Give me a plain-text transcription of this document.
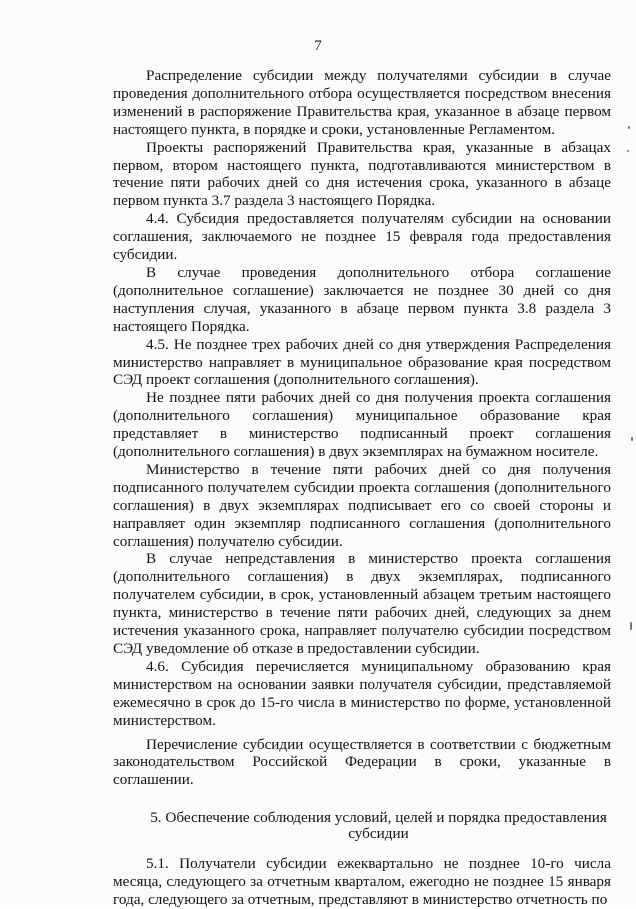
7

Распределение субсидии между получателями субсидии в случае проведения дополнительного отбора осуществляется посредством внесения изменений в распоряжение Правительства края, указанное в абзаце первом настоящего пункта, в порядке и сроки, установленные Регламентом.

Проекты распоряжений Правительства края, указанные в абзацах первом, втором настоящего пункта, подготавливаются министерством в течение пяти рабочих дней со дня истечения срока, указанного в абзаце первом пункта 3.7 раздела 3 настоящего Порядка.

4.4. Субсидия предоставляется получателям субсидии на основании соглашения, заключаемого не позднее 15 февраля года предоставления субсидии.

В случае проведения дополнительного отбора соглашение (дополнительное соглашение) заключается не позднее 30 дней со дня наступления случая, указанного в абзаце первом пункта 3.8 раздела 3 настоящего Порядка.

4.5. Не позднее трех рабочих дней со дня утверждения Распределения министерство направляет в муниципальное образование края посредством СЭД проект соглашения (дополнительного соглашения).

Не позднее пяти рабочих дней со дня получения проекта соглашения (дополнительного соглашения) муниципальное образование края представляет в министерство подписанный проект соглашения (дополнительного соглашения) в двух экземплярах на бумажном носителе.

Министерство в течение пяти рабочих дней со дня получения подписанного получателем субсидии проекта соглашения (дополнительного соглашения) в двух экземплярах подписывает его со своей стороны и направляет один экземпляр подписанного соглашения (дополнительного соглашения) получателю субсидии.

В случае непредставления в министерство проекта соглашения (дополнительного соглашения) в двух экземплярах, подписанного получателем субсидии, в срок, установленный абзацем третьим настоящего пункта, министерство в течение пяти рабочих дней, следующих за днем истечения указанного срока, направляет получателю субсидии посредством СЭД уведомление об отказе в предоставлении субсидии.

4.6. Субсидия перечисляется муниципальному образованию края министерством на основании заявки получателя субсидии, представляемой ежемесячно в срок до 15-го числа в министерство по форме, установленной министерством.

Перечисление субсидии осуществляется в соответствии с бюджетным законодательством Российской Федерации в сроки, указанные в соглашении.

5. Обеспечение соблюдения условий, целей и порядка предоставления субсидии

5.1. Получатели субсидии ежеквартально не позднее 10-го числа месяца, следующего за отчетным кварталом, ежегодно не позднее 15 января года, следующего за отчетным, представляют в министерство отчетность по
